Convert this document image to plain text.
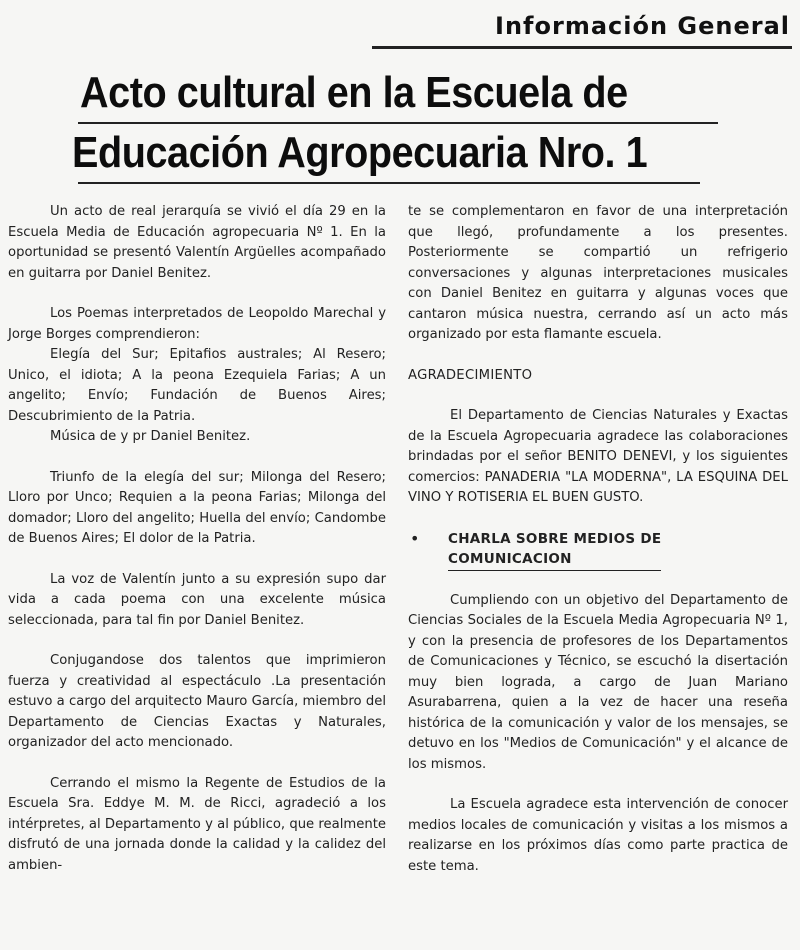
Información General
Acto cultural en la Escuela de
Educación Agropecuaria Nro. 1

Un acto de real jerarquía se vivió el día 29 en la Escuela Media de Educación agropecuaria Nº 1. En la oportunidad se presentó Valentín Argüelles acompañado en guitarra por Daniel Benitez.

Los Poemas interpretados de Leopoldo Marechal y Jorge Borges comprendieron:

Elegía del Sur; Epitafios australes; Al Resero; Unico, el idiota; A la peona Ezequiela Farias; A un angelito; Envío; Fundación de Buenos Aires; Descubrimiento de la Patria.

Música de y pr Daniel Benitez.

Triunfo de la elegía del sur; Milonga del Resero; Lloro por Unco; Requien a la peona Farias; Milonga del domador; Lloro del angelito; Huella del envío; Candombe de Buenos Aires; El dolor de la Patria.

La voz de Valentín junto a su expresión supo dar vida a cada poema con una excelente música seleccionada, para tal fin por Daniel Benitez.

Conjugandose dos talentos que imprimieron fuerza y creatividad al espectáculo .La presentación estuvo a cargo del arquitecto Mauro García, miembro del Departamento de Ciencias Exactas y Naturales, organizador del acto mencionado.

Cerrando el mismo la Regente de Estudios de la Escuela Sra. Eddye M. M. de Ricci, agradeció a los intérpretes, al Departamento y al público, que realmente disfrutó de una jornada donde la calidad y la calidez del ambien-

te se complementaron en favor de una interpretación que llegó, profundamente a los presentes. Posteriormente se compartió un refrigerio conversaciones y algunas interpretaciones musicales con Daniel Benitez en guitarra y algunas voces que cantaron música nuestra, cerrando así un acto más organizado por esta flamante escuela.

AGRADECIMIENTO

El Departamento de Ciencias Naturales y Exactas de la Escuela Agropecuaria agradece las colaboraciones brindadas por el señor BENITO DENEVI, y los siguientes comercios: PANADERIA "LA MODERNA", LA ESQUINA DEL VINO Y ROTISERIA EL BUEN GUSTO.

•	CHARLA SOBRE MEDIOS DE
COMUNICACION

Cumpliendo con un objetivo del Departamento de Ciencias Sociales de la Escuela Media Agropecuaria Nº 1, y con la presencia de profesores de los Departamentos de Comunicaciones y Técnico, se escuchó la disertación muy bien lograda, a cargo de Juan Mariano Asurabarrena, quien a la vez de hacer una reseña histórica de la comunicación y valor de los mensajes, se detuvo en los "Medios de Comunicación" y el alcance de los mismos.

La Escuela agradece esta intervención de conocer medios locales de comunicación y visitas a los mismos a realizarse en los próximos días como parte practica de este tema.
